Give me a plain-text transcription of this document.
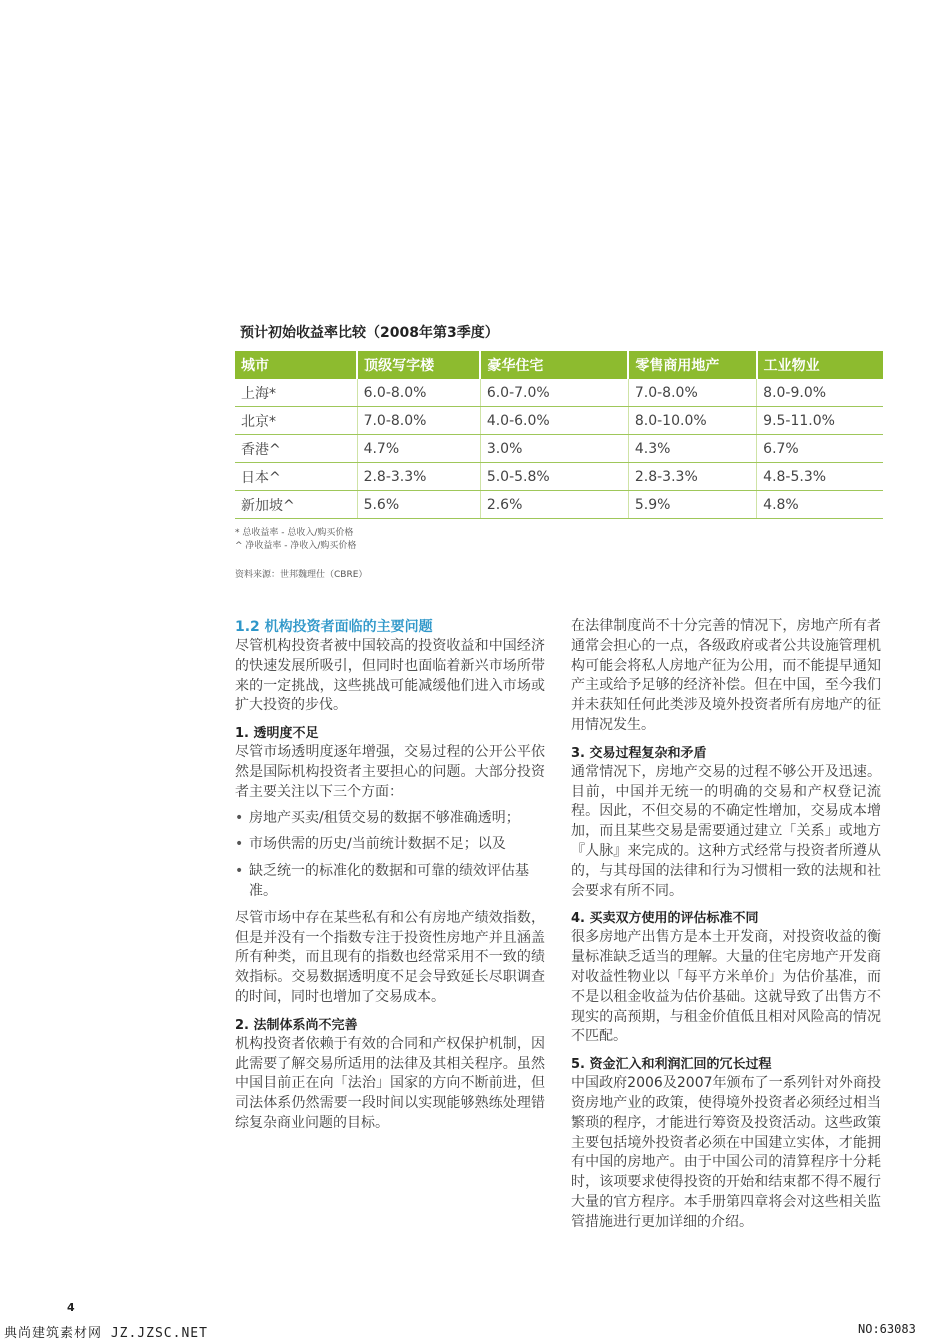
预计初始收益率比较（2008年第3季度）
城市	顶级写字楼	豪华住宅	零售商用地产	工业物业
上海*	6.0-8.0%	6.0-7.0%	7.0-8.0%	8.0-9.0%
北京*	7.0-8.0%	4.0-6.0%	8.0-10.0%	9.5-11.0%
香港^	4.7%	3.0%	4.3%	6.7%
日本^	2.8-3.3%	5.0-5.8%	2.8-3.3%	4.8-5.3%
新加坡^	5.6%	2.6%	5.9%	4.8%
* 总收益率 - 总收入/购买价格
^ 净收益率 - 净收入/购买价格
资料来源：世邦魏理仕（CBRE）
1.2 机构投资者面临的主要问题

尽管机构投资者被中国较高的投资收益和中国经济的快速发展所吸引，但同时也面临着新兴市场所带来的一定挑战，这些挑战可能减缓他们进入市场或扩大投资的步伐。

1. 透明度不足

尽管市场透明度逐年增强，交易过程的公开公平依然是国际机构投资者主要担心的问题。大部分投资者主要关注以下三个方面：

• 房地产买卖/租赁交易的数据不够准确透明；
• 市场供需的历史/当前统计数据不足；以及
• 缺乏统一的标准化的数据和可靠的绩效评估基准。

尽管市场中存在某些私有和公有房地产绩效指数，但是并没有一个指数专注于投资性房地产并且涵盖所有种类，而且现有的指数也经常采用不一致的绩效指标。交易数据透明度不足会导致延长尽职调查的时间，同时也增加了交易成本。

2. 法制体系尚不完善

机构投资者依赖于有效的合同和产权保护机制，因此需要了解交易所适用的法律及其相关程序。虽然中国目前正在向「法治」国家的方向不断前进，但司法体系仍然需要一段时间以实现能够熟练处理错综复杂商业问题的目标。

在法律制度尚不十分完善的情况下，房地产所有者通常会担心的一点，各级政府或者公共设施管理机构可能会将私人房地产征为公用，而不能提早通知产主或给予足够的经济补偿。但在中国，至今我们并未获知任何此类涉及境外投资者所有房地产的征用情况发生。

3. 交易过程复杂和矛盾

通常情况下，房地产交易的过程不够公开及迅速。目前，中国并无统一的明确的交易和产权登记流程。因此，不但交易的不确定性增加，交易成本增加，而且某些交易是需要通过建立「关系」或地方『人脉』来完成的。这种方式经常与投资者所遵从的，与其母国的法律和行为习惯相一致的法规和社会要求有所不同。

4. 买卖双方使用的评估标准不同

很多房地产出售方是本土开发商，对投资收益的衡量标准缺乏适当的理解。大量的住宅房地产开发商对收益性物业以「每平方米单价」为估价基准，而不是以租金收益为估价基础。这就导致了出售方不现实的高预期，与租金价值低且相对风险高的情况不匹配。

5. 资金汇入和利润汇回的冗长过程

中国政府2006及2007年颁布了一系列针对外商投资房地产业的政策，使得境外投资者必须经过相当繁琐的程序，才能进行筹资及投资活动。这些政策主要包括境外投资者必须在中国建立实体，才能拥有中国的房地产。由于中国公司的清算程序十分耗时，该项要求使得投资的开始和结束都不得不履行大量的官方程序。本手册第四章将会对这些相关监管措施进行更加详细的介绍。

4
典尚建筑素材网 JZ.JZSC.NET	NO:63083
